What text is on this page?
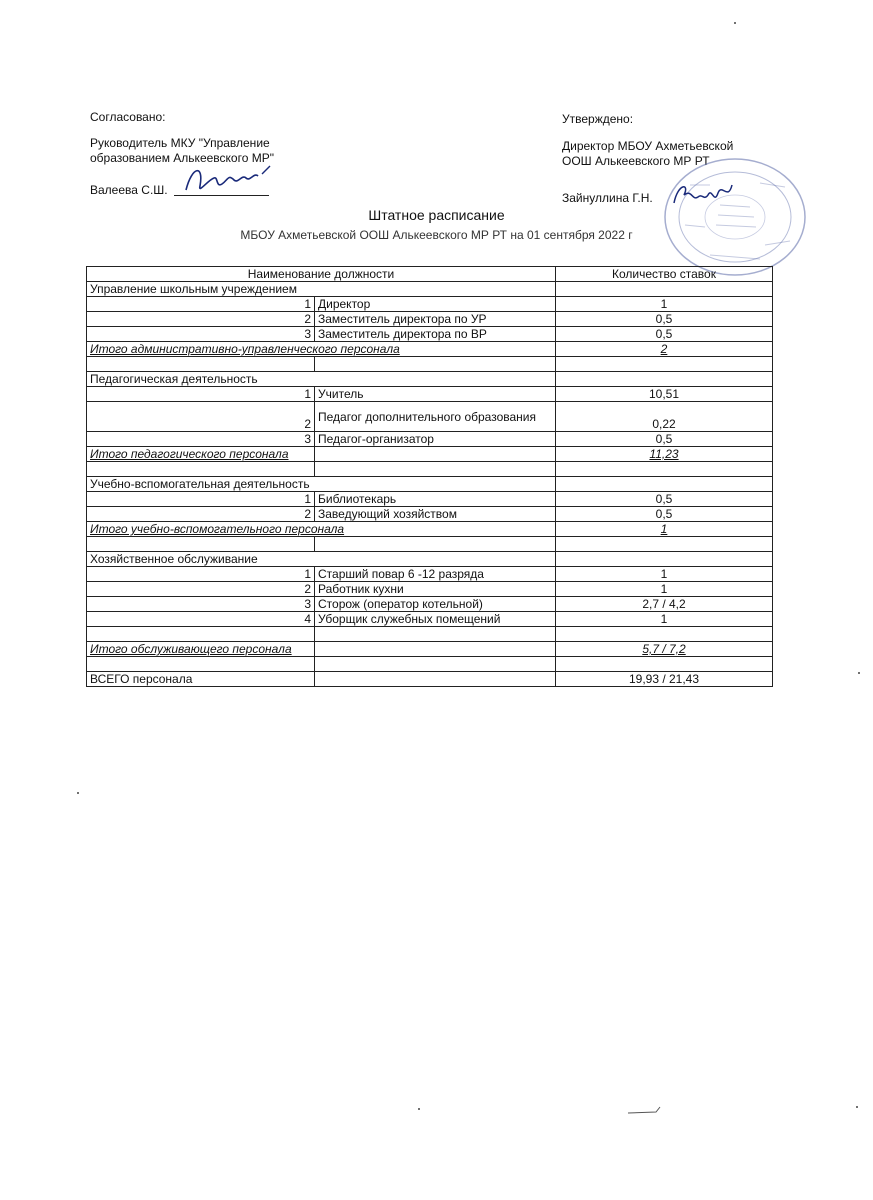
Согласовано:
Руководитель МКУ "Управление
образованием Алькеевского МР"
Валеева С.Ш.
Утверждено:
Директор МБОУ Ахметьевской
ООШ Алькеевского МР РТ
Зайнуллина Г.Н.
Штатное расписание
МБОУ Ахметьевской ООШ Алькеевского МР РТ на 01 сентября 2022 г
Наименование должности		Количество ставок
Управление школьным учреждением		
1	Директор	1
2	Заместитель директора по УР	0,5
3	Заместитель директора по ВР	0,5
Итого административно-управленческого персонала		2

Педагогическая деятельность		
1	Учитель	10,51
2	Педагог дополнительного образования	0,22
3	Педагог-организатор	0,5
Итого педагогического персонала		11,23

Учебно-вспомогательная деятельность		
1	Библиотекарь	0,5
2	Заведующий хозяйством	0,5
Итого учебно-вспомогательного персонала		1

Хозяйственное обслуживание		
1	Старший повар 6 -12 разряда	1
2	Работник кухни	1
3	Сторож (оператор котельной)	2,7 / 4,2
4	Уборщик служебных помещений	1

Итого обслуживающего персонала		5,7 / 7,2

ВСЕГО персонала		19,93 / 21,43
